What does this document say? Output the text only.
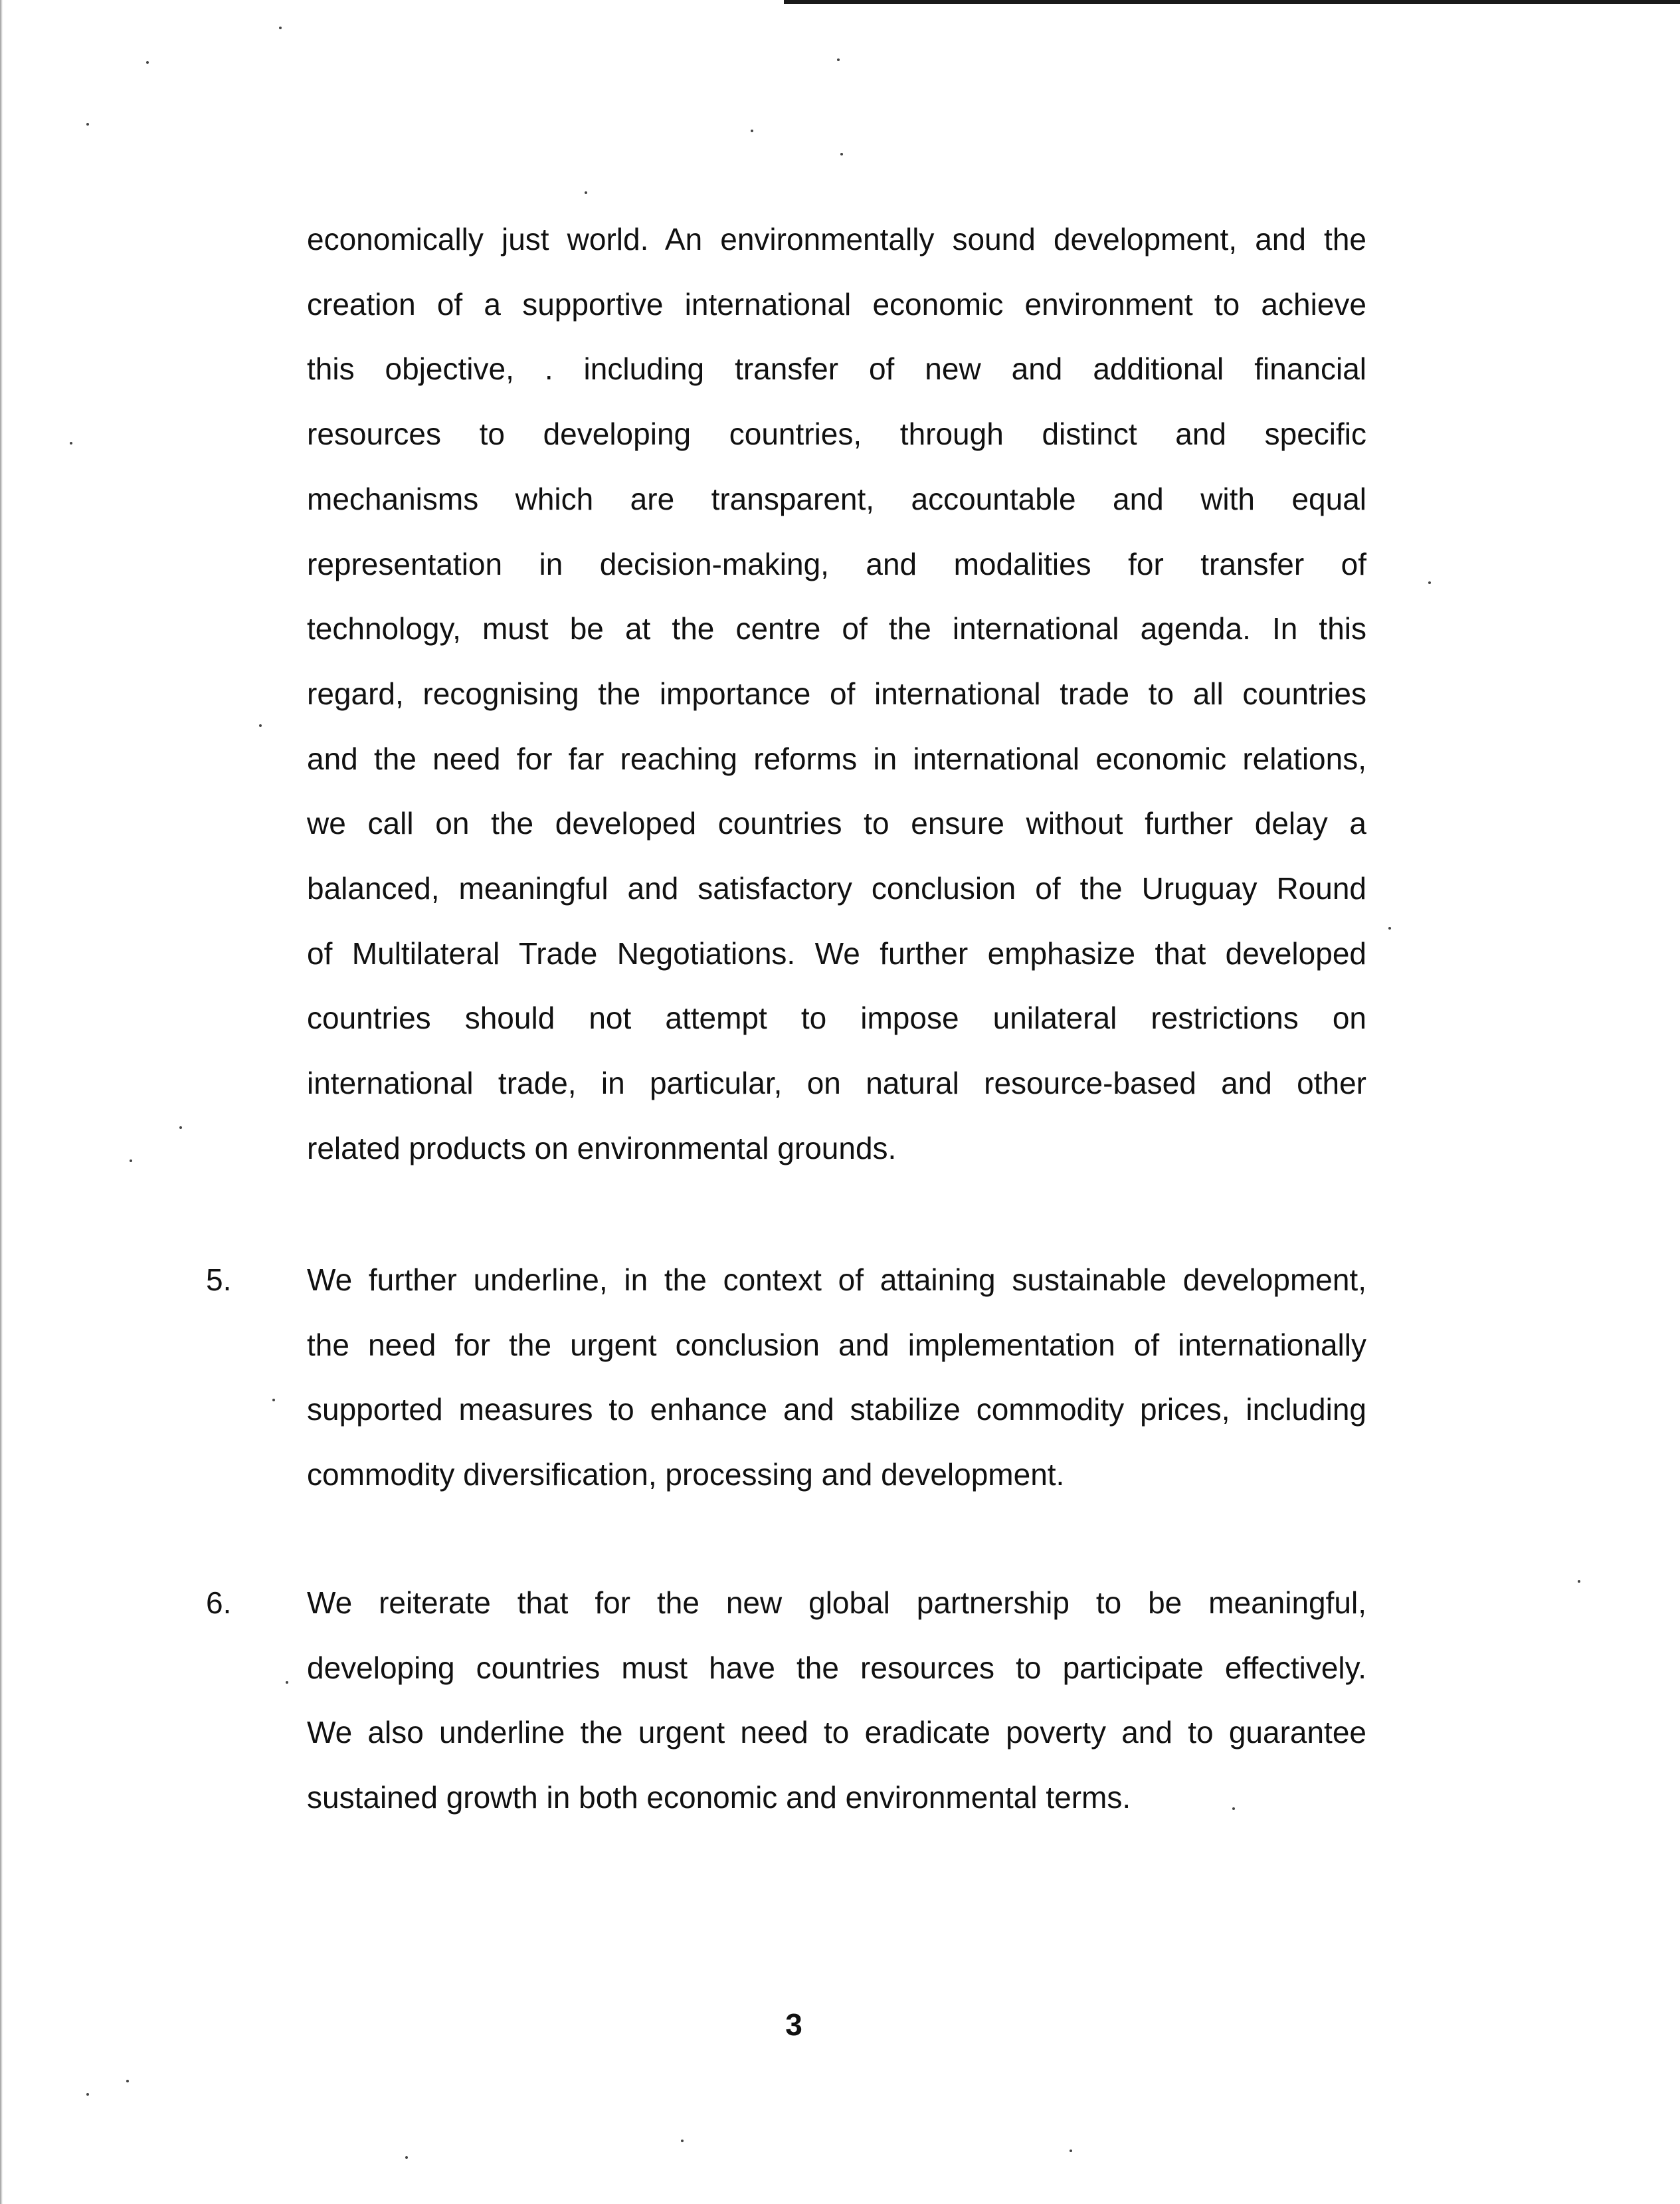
economically just world. An environmentally sound development, and the
creation of a supportive international economic environment to achieve
this objective, . including transfer of new and additional financial
resources to developing countries, through distinct and specific
mechanisms which are transparent, accountable and with equal
representation in decision-making, and modalities for transfer of
technology, must be at the centre of the international agenda. In this
regard, recognising the importance of international trade to all countries
and the need for far reaching reforms in international economic relations,
we call on the developed countries to ensure without further delay a
balanced, meaningful and satisfactory conclusion of the Uruguay Round
of Multilateral Trade Negotiations. We further emphasize that developed
countries should not attempt to impose unilateral restrictions on
international trade, in particular, on natural resource-based and other
related products on environmental grounds.
5. We further underline, in the context of attaining sustainable development,
the need for the urgent conclusion and implementation of internationally
supported measures to enhance and stabilize commodity prices, including
commodity diversification, processing and development.
6. We reiterate that for the new global partnership to be meaningful,
developing countries must have the resources to participate effectively.
We also underline the urgent need to eradicate poverty and to guarantee
sustained growth in both economic and environmental terms.
3
